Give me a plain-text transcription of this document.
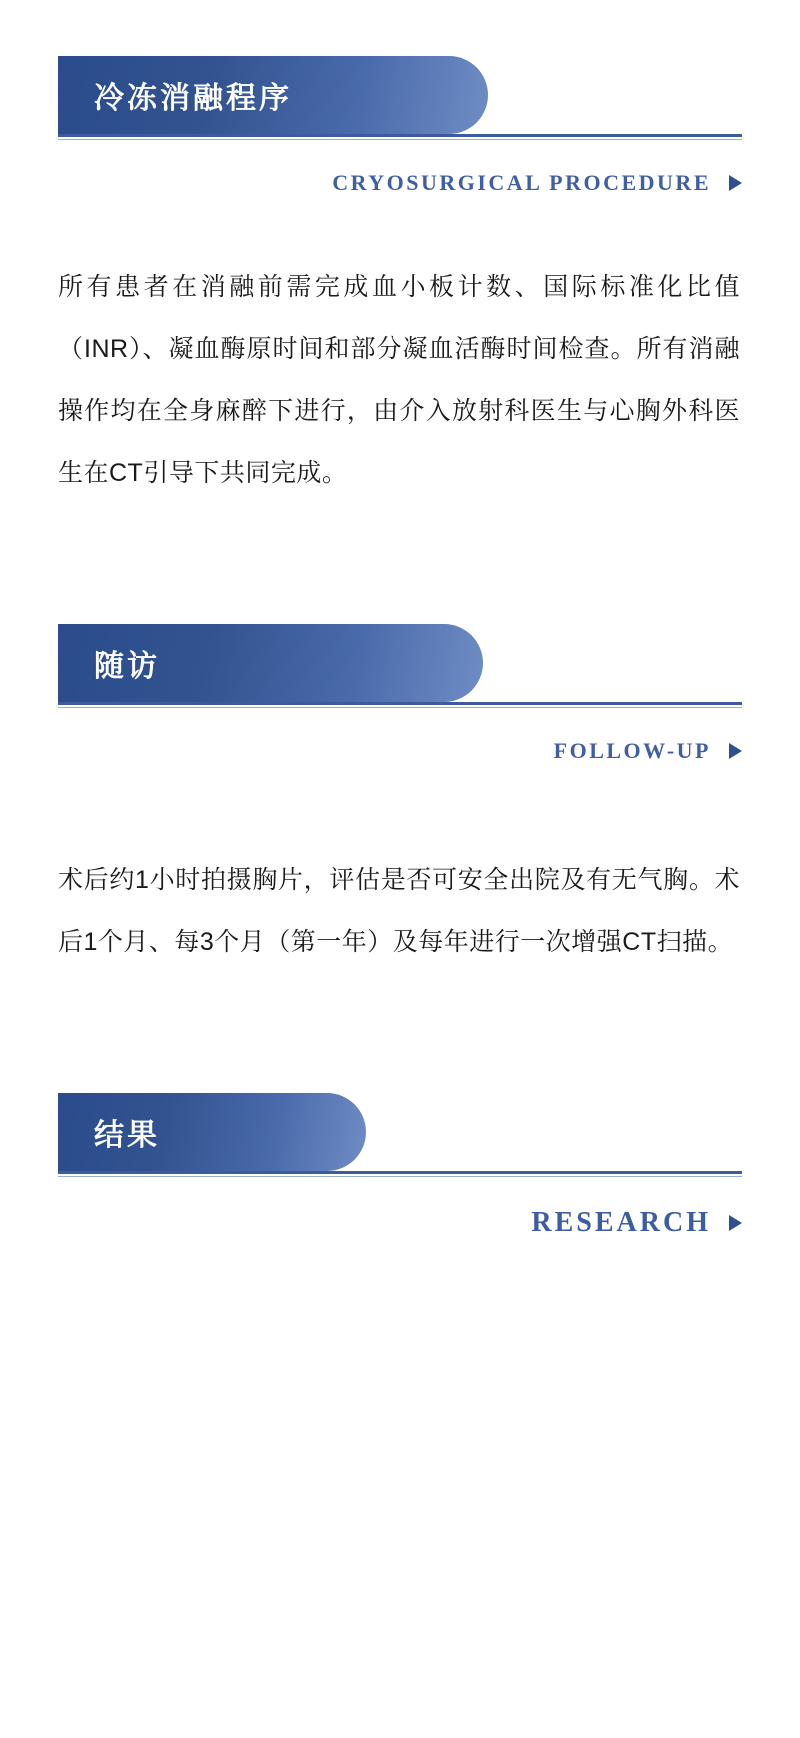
冷冻消融程序
CRYOSURGICAL PROCEDURE
所有患者在消融前需完成血小板计数、国际标准化比值（INR）、凝血酶原时间和部分凝血活酶时间检查。所有消融操作均在全身麻醉下进行，由介入放射科医生与心胸外科医生在CT引导下共同完成。
随访
FOLLOW-UP
术后约1小时拍摄胸片，评估是否可安全出院及有无气胸。术后1个月、每3个月（第一年）及每年进行一次增强CT扫描。
结果
RESEARCH
